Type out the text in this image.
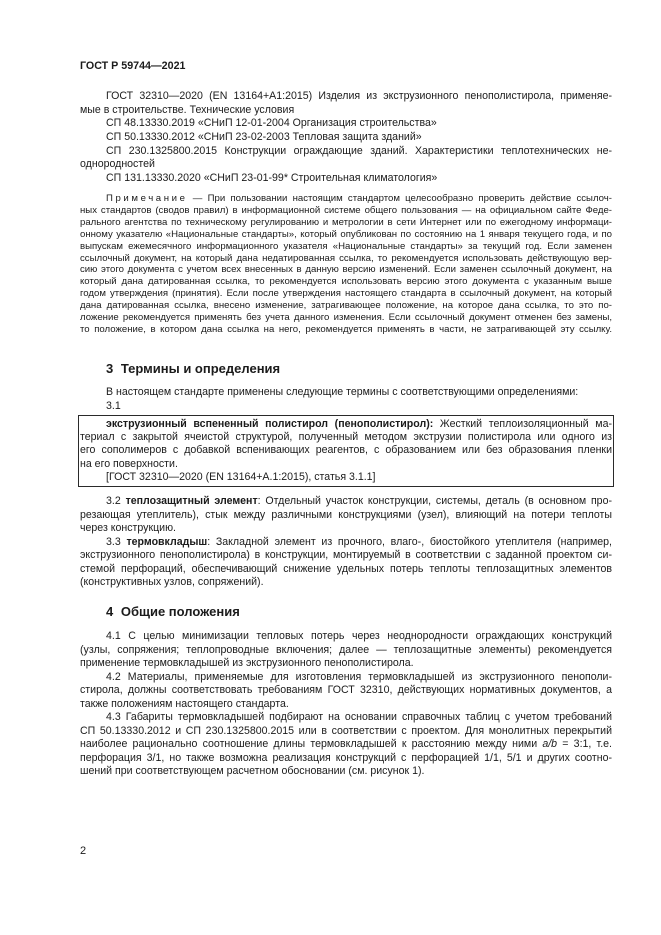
ГОСТ Р 59744—2021
ГОСТ 32310—2020 (EN 13164+A1:2015) Изделия из экструзионного пенополистирола, применяе-
мые в строительстве. Технические условия
СП 48.13330.2019 «СНиП 12-01-2004 Организация строительства»
СП 50.13330.2012 «СНиП 23-02-2003 Тепловая защита зданий»
СП 230.1325800.2015 Конструкции ограждающие зданий. Характеристики теплотехнических не-
однородностей
СП 131.13330.2020 «СНиП 23-01-99* Строительная климатология»
Примечание — При пользовании настоящим стандартом целесообразно проверить действие ссылоч-
ных стандартов (сводов правил) в информационной системе общего пользования — на официальном сайте Феде-
рального агентства по техническому регулированию и метрологии в сети Интернет или по ежегодному информаци-
онному указателю «Национальные стандарты», который опубликован по состоянию на 1 января текущего года, и по
выпускам ежемесячного информационного указателя «Национальные стандарты» за текущий год. Если заменен
ссылочный документ, на который дана недатированная ссылка, то рекомендуется использовать действующую вер-
сию этого документа с учетом всех внесенных в данную версию изменений. Если заменен ссылочный документ, на
который дана датированная ссылка, то рекомендуется использовать версию этого документа с указанным выше
годом утверждения (принятия). Если после утверждения настоящего стандарта в ссылочный документ, на который
дана датированная ссылка, внесено изменение, затрагивающее положение, на которое дана ссылка, то это по-
ложение рекомендуется применять без учета данного изменения. Если ссылочный документ отменен без замены,
то положение, в котором дана ссылка на него, рекомендуется применять в части, не затрагивающей эту ссылку.
3 Термины и определения
В настоящем стандарте применены следующие термины с соответствующими определениями:
3.1
экструзионный вспененный полистирол (пенополистирол): Жесткий теплоизоляционный ма-
териал с закрытой ячеистой структурой, полученный методом экструзии полистирола или одного из
его сополимеров с добавкой вспенивающих реагентов, с образованием или без образования пленки
на его поверхности.
[ГОСТ 32310—2020 (EN 13164+A.1:2015), статья 3.1.1]
3.2 теплозащитный элемент: Отдельный участок конструкции, системы, деталь (в основном про-
резающая утеплитель), стык между различными конструкциями (узел), влияющий на потери теплоты
через конструкцию.
3.3 термовкладыш: Закладной элемент из прочного, влаго-, биостойкого утеплителя (например,
экструзионного пенополистирола) в конструкции, монтируемый в соответствии с заданной проектом си-
стемой перфораций, обеспечивающий снижение удельных потерь теплоты теплозащитных элементов
(конструктивных узлов, сопряжений).
4 Общие положения
4.1 С целью минимизации тепловых потерь через неоднородности ограждающих конструкций
(узлы, сопряжения; теплопроводные включения; далее — теплозащитные элементы) рекомендуется
применение термовкладышей из экструзионного пенополистирола.
4.2 Материалы, применяемые для изготовления термовкладышей из экструзионного пенополи-
стирола, должны соответствовать требованиям ГОСТ 32310, действующих нормативных документов, а
также положениям настоящего стандарта.
4.3 Габариты термовкладышей подбирают на основании справочных таблиц с учетом требований
СП 50.13330.2012 и СП 230.1325800.2015 или в соответствии с проектом. Для монолитных перекрытий
наиболее рационально соотношение длины термовкладышей к расстоянию между ними a/b = 3:1, т.е.
перфорация 3/1, но также возможна реализация конструкций с перфорацией 1/1, 5/1 и других соотно-
шений при соответствующем расчетном обосновании (см. рисунок 1).
2
